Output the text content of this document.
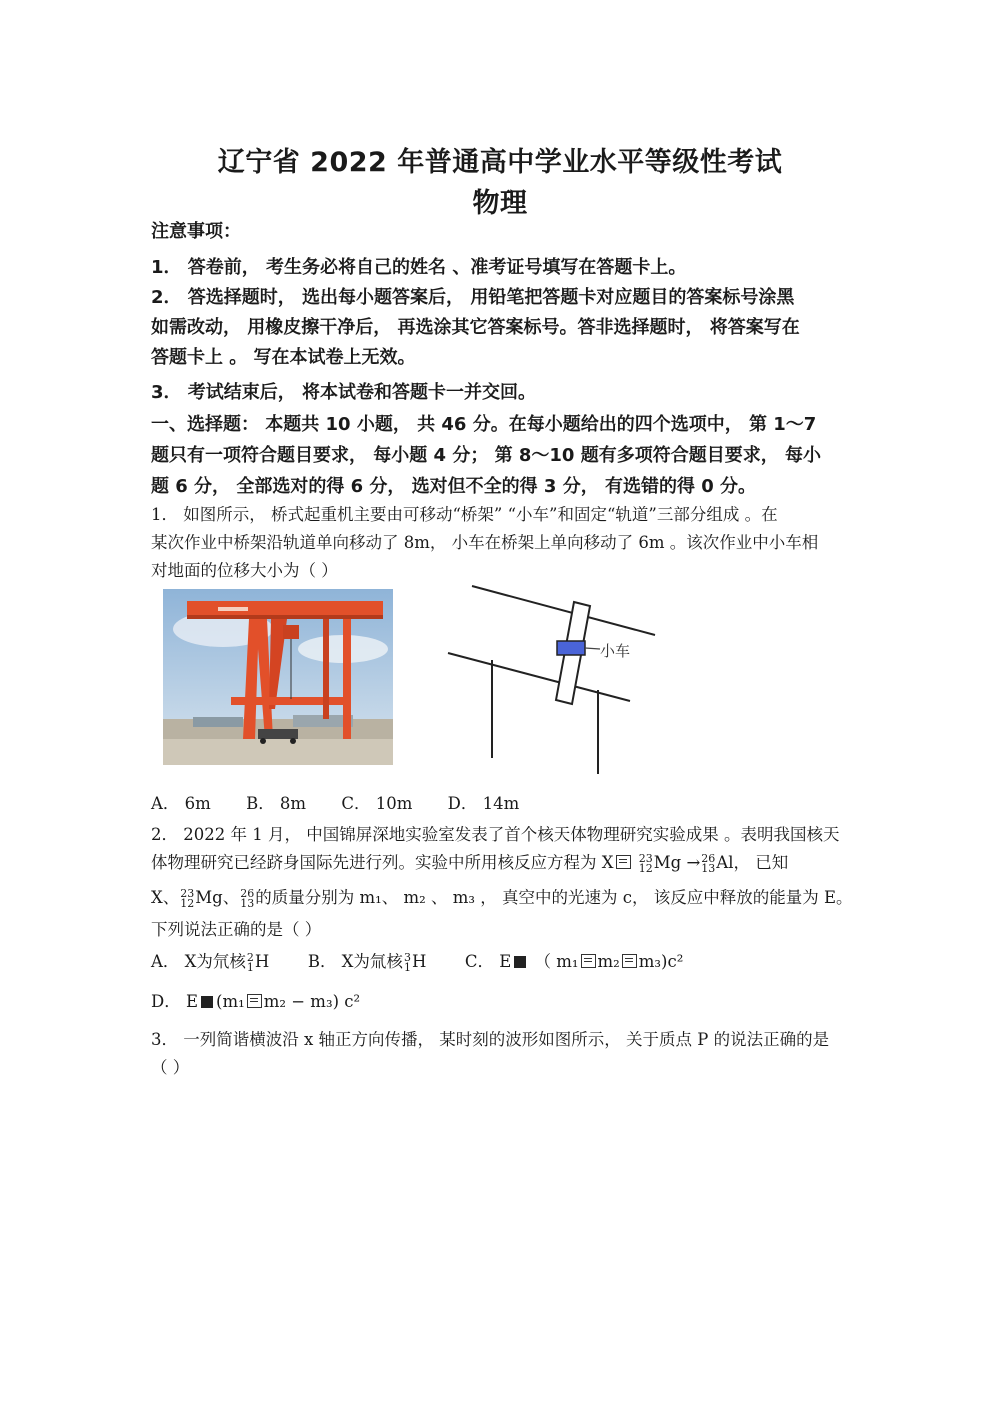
辽宁省 2022 年普通高中学业水平等级性考试
物理
注意事项：
1． 答卷前， 考生务必将自己的姓名 、准考证号填写在答题卡上。
2． 答选择题时， 选出每小题答案后， 用铅笔把答题卡对应题目的答案标号涂黑
如需改动， 用橡皮擦干净后， 再选涂其它答案标号。答非选择题时， 将答案写在
答题卡上 。 写在本试卷上无效。
3． 考试结束后， 将本试卷和答题卡一并交回。
一、选择题： 本题共 10 小题， 共 46 分。在每小题给出的四个选项中， 第 1～7
题只有一项符合题目要求， 每小题 4 分； 第 8～10 题有多项符合题目要求， 每小
题 6 分， 全部选对的得 6 分， 选对但不全的得 3 分， 有选错的得 0 分。
1． 如图所示， 桥式起重机主要由可移动“桥架” “小车”和固定“轨道”三部分组成 。在
某次作业中桥架沿轨道单向移动了 8m， 小车在桥架上单向移动了 6m 。该次作业中小车相
对地面的位移大小为（ ）
小车
A． 6m B． 8m C． 10m D． 14m
2． 2022 年 1 月， 中国锦屏深地实验室发表了首个核天体物理研究实验成果 。表明我国核天
体物理研究已经跻身国际先进行列。实验中所用核反应方程为 X 23
12 Mg → 26
13 Al， 已知
X、 23
12 Mg、 26
13 的质量分别为 m₁、 m₂ 、 m₃ ， 真空中的光速为 c， 该反应中释放的能量为 E。
下列说法正确的是（ ）
A． X为氘核 2
1 H B． X为氚核 3
1 H C． E （ m₁ m₂ m₃)c²
D． E (m₁ m₂ − m₃) c²
3． 一列简谐横波沿 x 轴正方向传播， 某时刻的波形如图所示， 关于质点 P 的说法正确的是
（ ）
